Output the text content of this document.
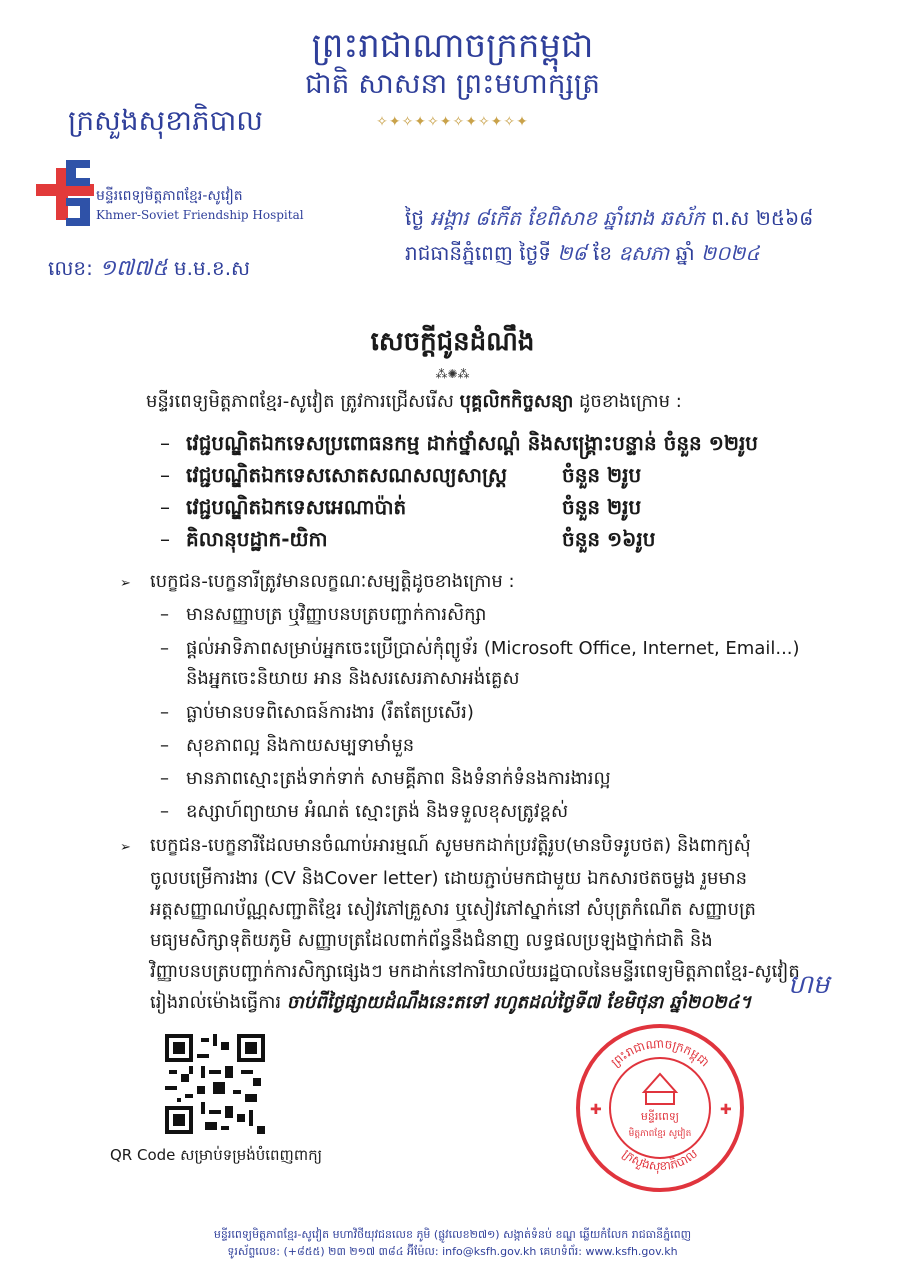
ព្រះរាជាណាចក្រកម្ពុជា
ជាតិ សាសនា ព្រះមហាក្សត្រ
ក្រសួងសុខាភិបាល	✧✦✧✦✧✦✧✦✧✦✧✦
មន្ទីរពេទ្យមិត្តភាពខ្មែរ-សូវៀត
Khmer-Soviet Friendship Hospital	ថ្ងៃ អង្គារ ៨កើត ខែពិសាខ ឆ្នាំរោង ឆស័ក ព.ស ២៥៦៨
រាជធានីភ្នំពេញ ថ្ងៃទី ២៨ ខែ ឧសភា ឆ្នាំ ២០២៤
លេខ: ១៧៧៥ ម.ម.ខ.ស
សេចក្តីជូនដំណឹង
⁂✺⁂
មន្ទីរពេទ្យមិត្តភាពខ្មែរ-សូវៀត ត្រូវការជ្រើសរើស បុគ្គលិកកិច្ចសន្យា ដូចខាងក្រោម :
– វេជ្ជបណ្ឌិតឯកទេសប្រពោធនកម្ម ដាក់ថ្នាំសណ្តំ និងសង្គ្រោះបន្ទាន់ ចំនួន ១២រូប
– វេជ្ជបណ្ឌិតឯកទេសសោតសណសល្យសាស្ត្រ	ចំនួន ២រូប
– វេជ្ជបណ្ឌិតឯកទេសអេណាប៉ាត់	ចំនួន ២រូប
– គិលានុបដ្ឋាក-យិកា	ចំនួន ១៦រូប
➢ បេក្ខជន-បេក្ខនារីត្រូវមានលក្ខណៈសម្បត្តិដូចខាងក្រោម :
– មានសញ្ញាបត្រ ឬវិញ្ញាបនបត្របញ្ជាក់ការសិក្សា
– ផ្តល់អាទិភាពសម្រាប់អ្នកចេះប្រើប្រាស់កុំព្យូទ័រ (Microsoft Office, Internet, Email...)
និងអ្នកចេះនិយាយ អាន និងសរសេរភាសាអង់គ្លេស
– ធ្លាប់មានបទពិសោធន៍ការងារ (រឹតតែប្រសើរ)
– សុខភាពល្អ និងកាយសម្បទាមាំមួន
– មានភាពស្មោះត្រង់ទាក់ទាក់ សាមគ្គីភាព និងទំនាក់ទំនងការងារល្អ
– ឧស្សាហ៍ព្យាយាម អំណត់ ស្មោះត្រង់ និងទទួលខុសត្រូវខ្ពស់
➢ បេក្ខជន-បេក្ខនារីដែលមានចំណាប់អារម្មណ៍ សូមមកដាក់ប្រវត្តិរូប(មានបិទរូបថត) និងពាក្យសុំ
ចូលបម្រើការងារ (CV និងCover letter) ដោយភ្ជាប់មកជាមួយ ឯកសារថតចម្លង រួមមាន
អត្តសញ្ញាណប័ណ្ណសញ្ជាតិខ្មែរ សៀវភៅគ្រួសារ ឬសៀវភៅស្នាក់នៅ សំបុត្រកំណើត សញ្ញាបត្រ
មធ្យមសិក្សាទុតិយភូមិ សញ្ញាបត្រដែលពាក់ព័ន្ធនឹងជំនាញ លទ្ធផលប្រឡងថ្នាក់ជាតិ និង
វិញ្ញាបនបត្របញ្ជាក់ការសិក្សាផ្សេងៗ មកដាក់នៅការិយាល័យរដ្ឋបាលនៃមន្ទីរពេទ្យមិត្តភាពខ្មែរ-សូវៀត
រៀងរាល់ម៉ោងធ្វើការ ចាប់ពីថ្ងៃផ្សាយដំណឹងនេះតទៅ រហូតដល់ថ្ងៃទី៧ ខែមិថុនា ឆ្នាំ២០២៤។
ហម
QR Code សម្រាប់ទម្រង់បំពេញពាក្យ
ព្រះរាជាណាចក្រកម្ពុជា
ក្រសួងសុខាភិបាល
មន្ទីរពេទ្យ
មិត្តភាពខ្មែរ សូវៀត
✚	✚
មន្ទីរពេទ្យមិត្តភាពខ្មែរ-សូវៀត មហាវិថីយុវជនលេខ ភូមិ (ផ្លូវលេខ២៧១) សង្កាត់ទំនប់ ខណ្ឌ ឆ្លើយកំលែក រាជធានីភ្នំពេញ
ទូរស័ព្ទលេខ: (+៨៥៥) ២៣ ២១៧ ៣៨៤ អ៊ីម៉ែល: info@ksfh.gov.kh គេហទំព័រ: www.ksfh.gov.kh
